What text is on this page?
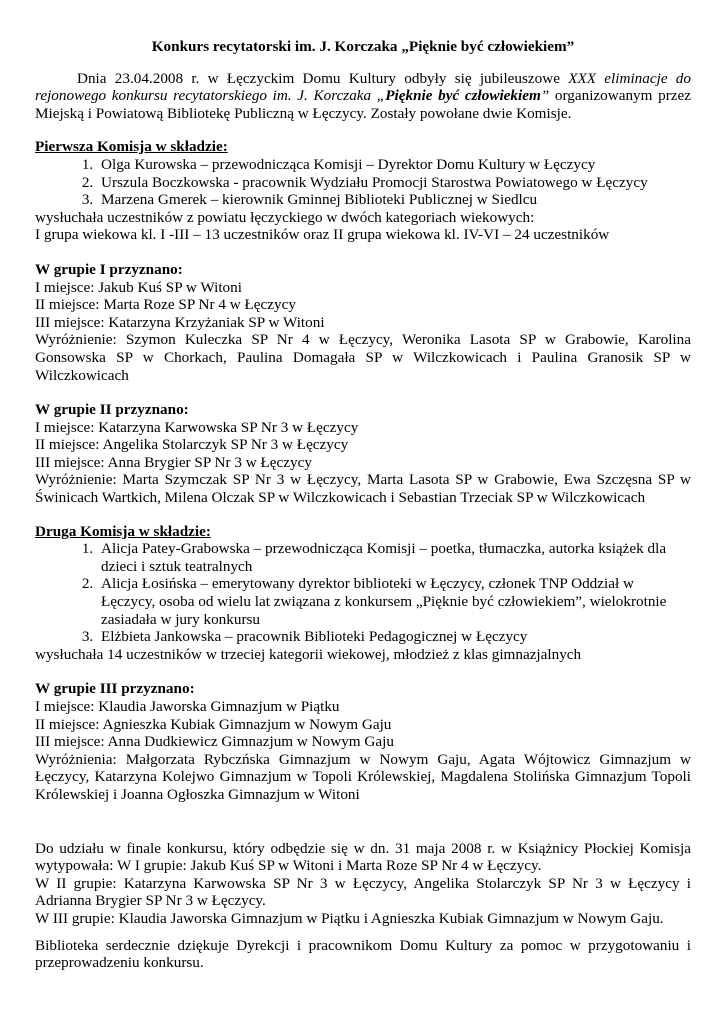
Konkurs recytatorski im. J. Korczaka „Pięknie być człowiekiem”

Dnia 23.04.2008 r. w Łęczyckim Domu Kultury odbyły się jubileuszowe XXX eliminacje do rejonowego konkursu recytatorskiego im. J. Korczaka „Pięknie być człowiekiem” organizowanym przez Miejską i Powiatową Bibliotekę Publiczną w Łęczycy. Zostały powołane dwie Komisje.

Pierwsza Komisja w składzie:

1. Olga Kurowska – przewodnicząca Komisji – Dyrektor Domu Kultury w Łęczycy
2. Urszula Boczkowska - pracownik Wydziału Promocji Starostwa Powiatowego w Łęczycy
3. Marzena Gmerek – kierownik Gminnej Biblioteki Publicznej w Siedlcu

wysłuchała uczestników z powiatu łęczyckiego w dwóch kategoriach wiekowych:

I grupa wiekowa kl. I -III – 13 uczestników oraz II grupa wiekowa kl. IV-VI – 24 uczestników

W grupie I przyznano:

I miejsce: Jakub Kuś SP w Witoni

II miejsce: Marta Roze SP Nr 4 w Łęczycy

III miejsce: Katarzyna Krzyżaniak SP w Witoni

Wyróżnienie: Szymon Kuleczka SP Nr 4 w Łęczycy, Weronika Lasota SP w Grabowie, Karolina Gonsowska SP w Chorkach, Paulina Domagała SP w Wilczkowicach i Paulina Granosik SP w Wilczkowicach

W grupie II przyznano:

I miejsce: Katarzyna Karwowska SP Nr 3 w Łęczycy

II miejsce: Angelika Stolarczyk SP Nr 3 w Łęczycy

III miejsce: Anna Brygier SP Nr 3 w Łęczycy

Wyróżnienie: Marta Szymczak SP Nr 3 w Łęczycy, Marta Lasota SP w Grabowie, Ewa Szczęsna SP w Świnicach Wartkich, Milena Olczak SP w Wilczkowicach i Sebastian Trzeciak SP w Wilczkowicach

Druga Komisja w składzie:

1. Alicja Patey-Grabowska – przewodnicząca Komisji – poetka, tłumaczka, autorka książek dla dzieci i sztuk teatralnych
2. Alicja Łosińska – emerytowany dyrektor biblioteki w Łęczycy, członek TNP Oddział w Łęczycy, osoba od wielu lat związana z konkursem „Pięknie być człowiekiem”, wielokrotnie zasiadała w jury konkursu
3. Elżbieta Jankowska – pracownik Biblioteki Pedagogicznej w Łęczycy

wysłuchała 14 uczestników w trzeciej kategorii wiekowej, młodzież z klas gimnazjalnych

W grupie III przyznano:

I miejsce: Klaudia Jaworska Gimnazjum w Piątku

II miejsce: Agnieszka Kubiak Gimnazjum w Nowym Gaju

III miejsce: Anna Dudkiewicz Gimnazjum w Nowym Gaju

Wyróżnienia: Małgorzata Rybczńska Gimnazjum w Nowym Gaju, Agata Wójtowicz Gimnazjum w Łęczycy, Katarzyna Kolejwo Gimnazjum w Topoli Królewskiej, Magdalena Stolińska Gimnazjum Topoli Królewskiej i Joanna Ogłoszka Gimnazjum w Witoni

Do udziału w finale konkursu, który odbędzie się w dn. 31 maja 2008 r. w Książnicy Płockiej Komisja wytypowała: W I grupie: Jakub Kuś SP w Witoni i Marta Roze SP Nr 4 w Łęczycy.

W II grupie: Katarzyna Karwowska SP Nr 3 w Łęczycy, Angelika Stolarczyk SP Nr 3 w Łęczycy i Adrianna Brygier SP Nr 3 w Łęczycy.

W III grupie: Klaudia Jaworska Gimnazjum w Piątku i Agnieszka Kubiak Gimnazjum w Nowym Gaju.

Biblioteka serdecznie dziękuje Dyrekcji i pracownikom Domu Kultury za pomoc w przygotowaniu i przeprowadzeniu konkursu.
